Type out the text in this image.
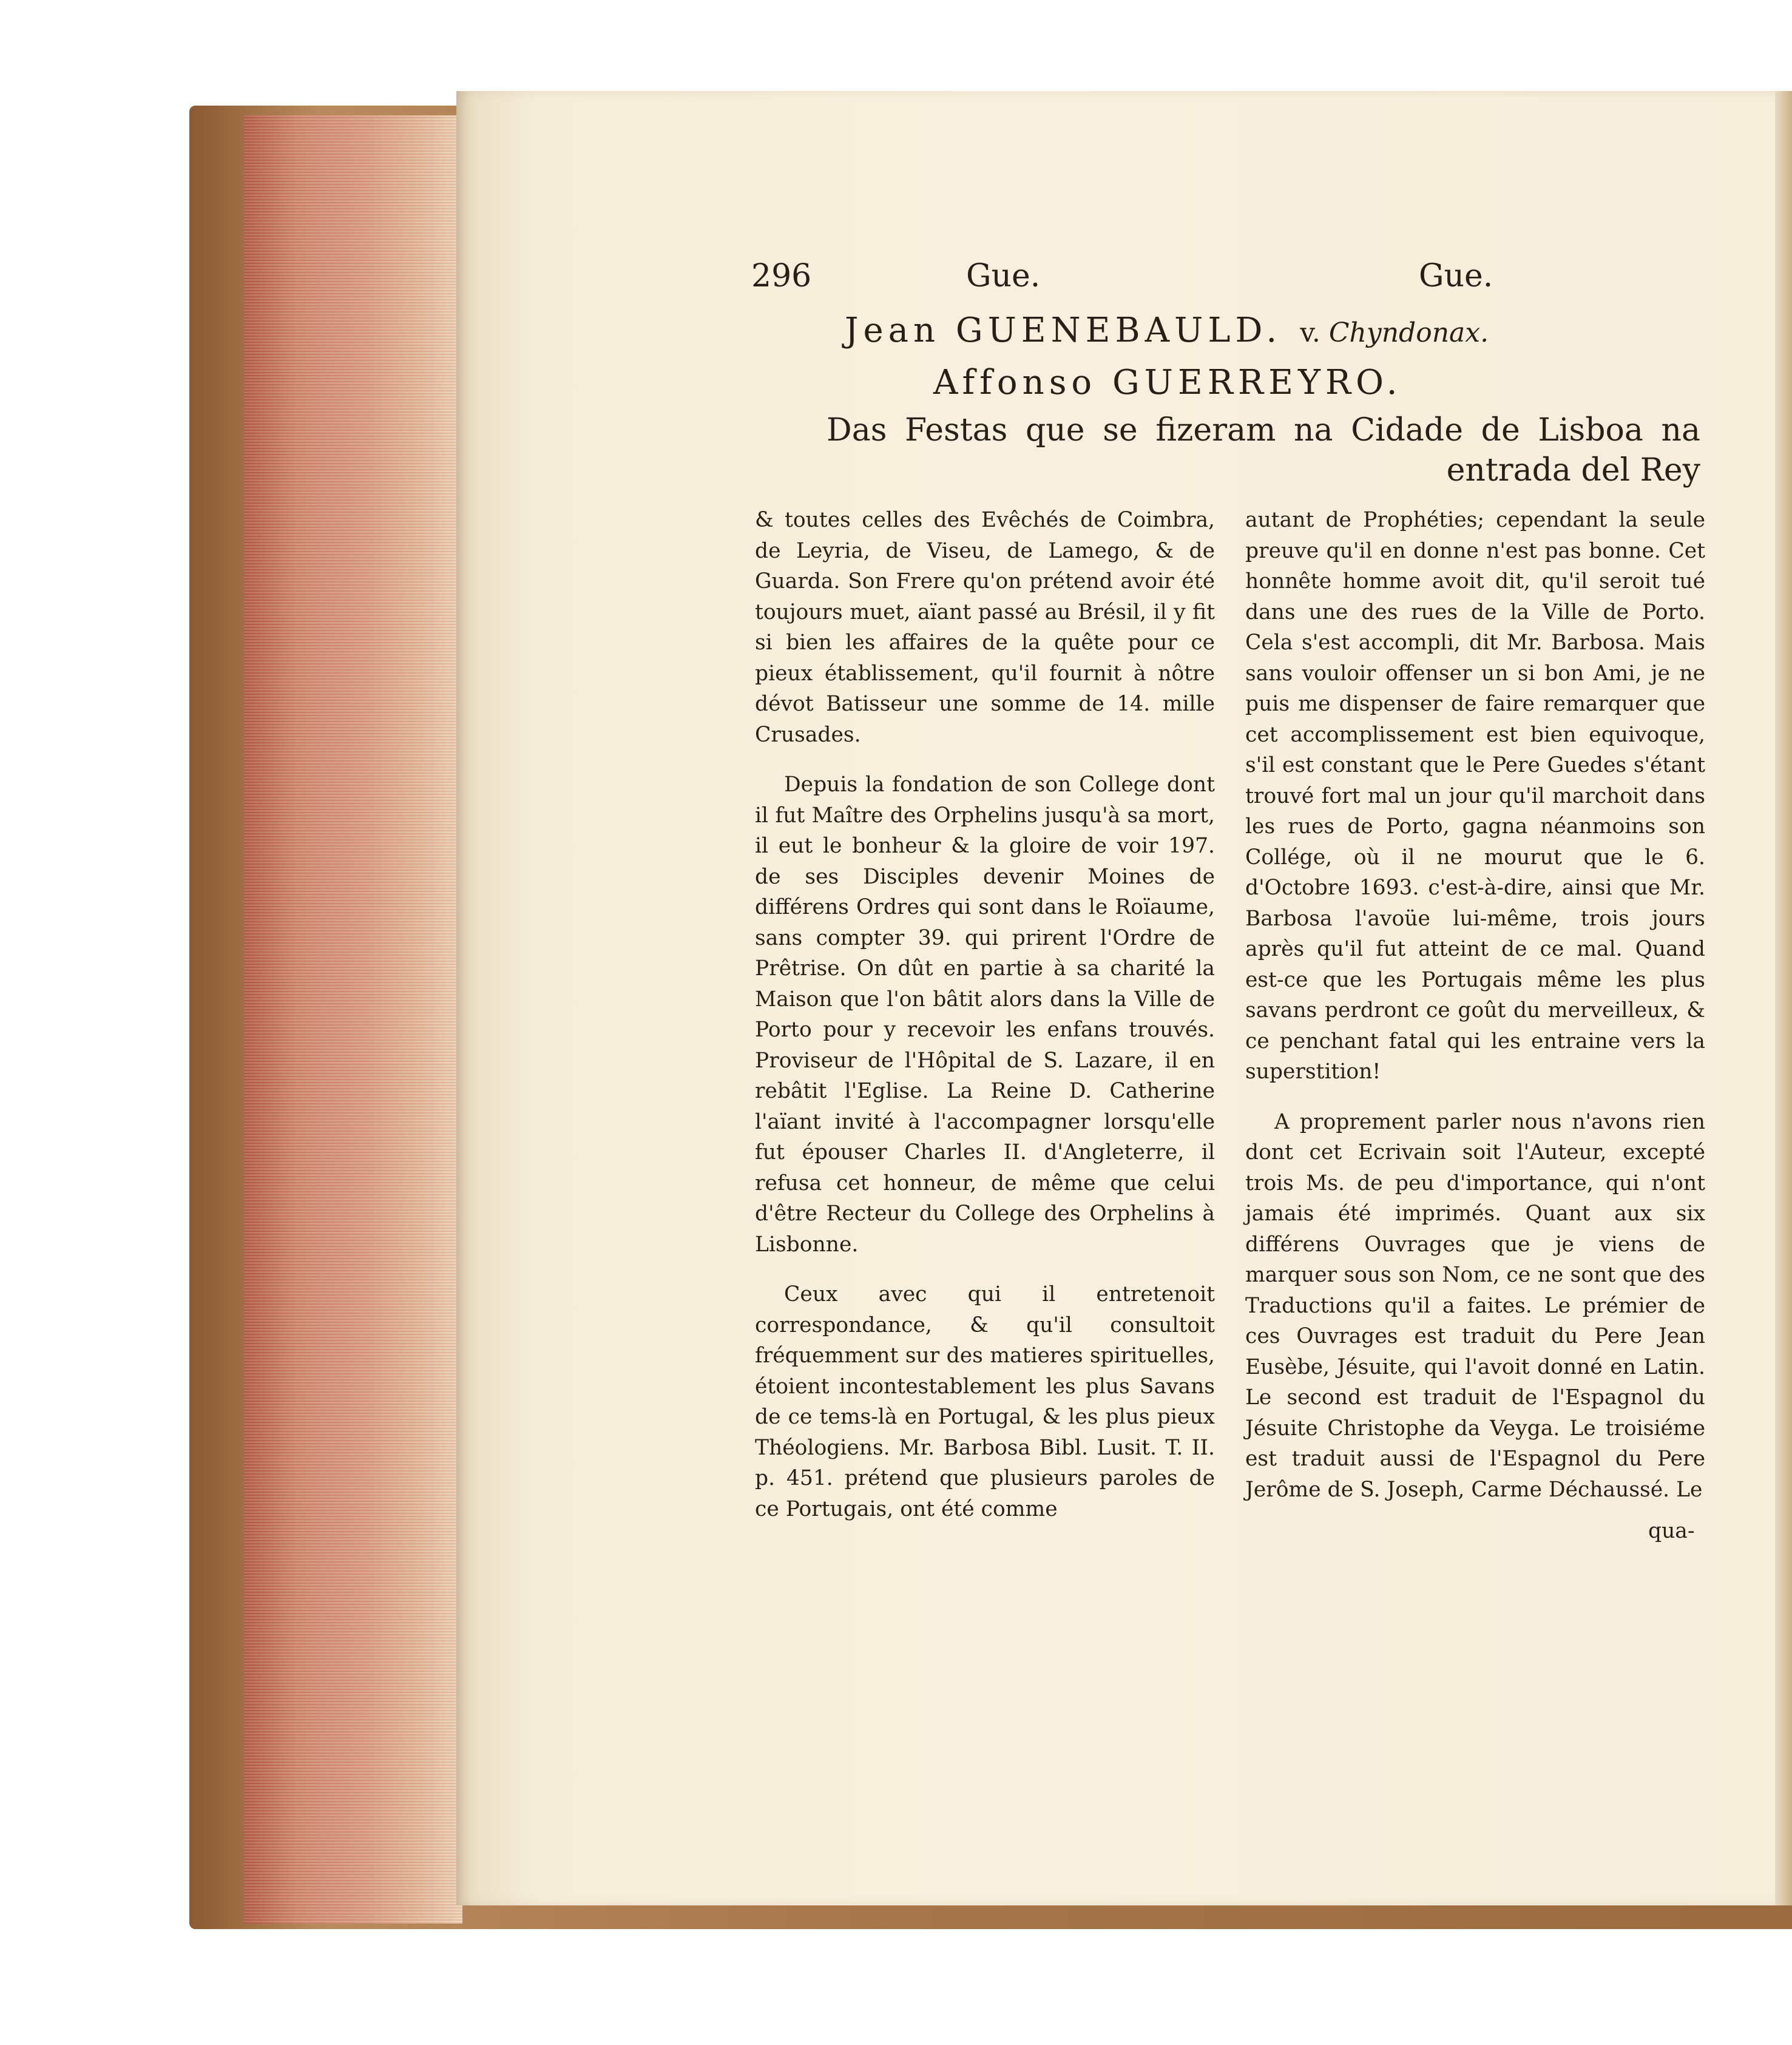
296	Gue.	Gue.
Jean GUENEBAULD. v. Chyndonax.
Affonso GUERREYRO.
Das Festas que se fizeram na Cidade de Lisboa na entrada del Rey

& toutes celles des Evêchés de Coimbra, de Leyria, de Viseu, de Lamego, & de Guarda. Son Frere qu'on prétend avoir été toujours muet, aïant passé au Brésil, il y fit si bien les affaires de la quête pour ce pieux établissement, qu'il fournit à nôtre dévot Batisseur une somme de 14. mille Crusades.

Depuis la fondation de son College dont il fut Maître des Orphelins jusqu'à sa mort, il eut le bonheur & la gloire de voir 197. de ses Disciples devenir Moines de différens Ordres qui sont dans le Roïaume, sans compter 39. qui prirent l'Ordre de Prêtrise. On dût en partie à sa charité la Maison que l'on bâtit alors dans la Ville de Porto pour y recevoir les enfans trouvés. Proviseur de l'Hôpital de S. Lazare, il en rebâtit l'Eglise. La Reine D. Catherine l'aïant invité à l'accompagner lorsqu'elle fut épouser Charles II. d'Angleterre, il refusa cet honneur, de même que celui d'être Recteur du College des Orphelins à Lisbonne.

Ceux avec qui il entretenoit correspondance, & qu'il consultoit fréquemment sur des matieres spirituelles, étoient incontestablement les plus Savans de ce tems-là en Portugal, & les plus pieux Théologiens. Mr. Barbosa Bibl. Lusit. T. II. p. 451. prétend que plusieurs paroles de ce Portugais, ont été comme

autant de Prophéties; cependant la seule preuve qu'il en donne n'est pas bonne. Cet honnête homme avoit dit, qu'il seroit tué dans une des rues de la Ville de Porto. Cela s'est accompli, dit Mr. Barbosa. Mais sans vouloir offenser un si bon Ami, je ne puis me dispenser de faire remarquer que cet accomplissement est bien equivoque, s'il est constant que le Pere Guedes s'étant trouvé fort mal un jour qu'il marchoit dans les rues de Porto, gagna néanmoins son Collége, où il ne mourut que le 6. d'Octobre 1693. c'est-à-dire, ainsi que Mr. Barbosa l'avoüe lui-même, trois jours après qu'il fut atteint de ce mal. Quand est-ce que les Portugais même les plus savans perdront ce goût du merveilleux, & ce penchant fatal qui les entraine vers la superstition!

A proprement parler nous n'avons rien dont cet Ecrivain soit l'Auteur, excepté trois Ms. de peu d'importance, qui n'ont jamais été imprimés. Quant aux six différens Ouvrages que je viens de marquer sous son Nom, ce ne sont que des Traductions qu'il a faites. Le prémier de ces Ouvrages est traduit du Pere Jean Eusèbe, Jésuite, qui l'avoit donné en Latin. Le second est traduit de l'Espagnol du Jésuite Christophe da Veyga. Le troisiéme est traduit aussi de l'Espagnol du Pere Jerôme de S. Joseph, Carme Déchaussé. Le

qua-
